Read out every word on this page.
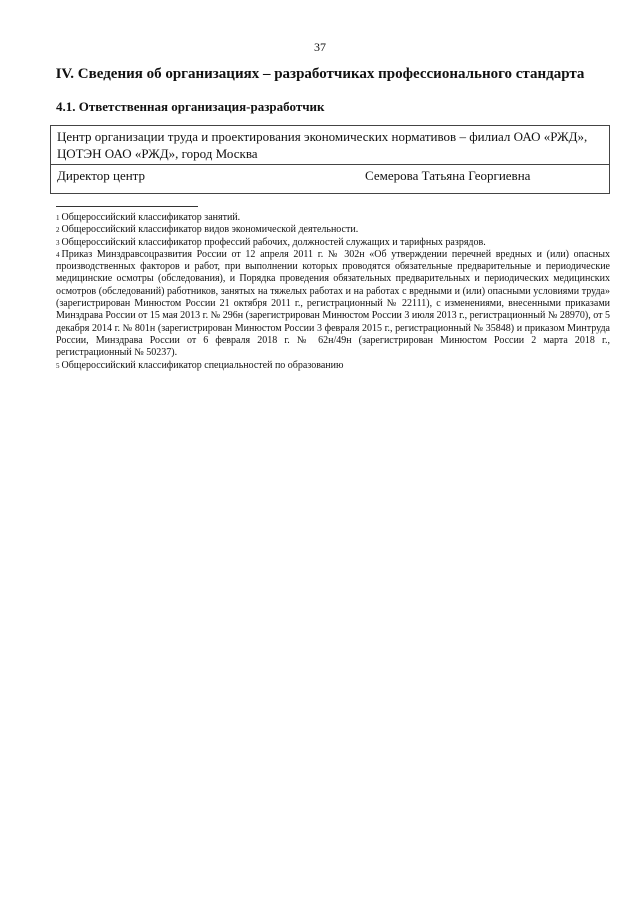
37
IV. Сведения об организациях – разработчиках профессионального стандарта
4.1. Ответственная организация-разработчик
Центр организации труда и проектирования экономических нормативов – филиал ОАО «РЖД»,
ЦОТЭН ОАО «РЖД», город Москва

Директор центр	Семерова Татьяна Георгиевна

$^1$ Общероссийский классификатор занятий.

$^2$ Общероссийский классификатор видов экономической деятельности.

$^3$ Общероссийский классификатор профессий рабочих, должностей служащих и тарифных разрядов.

$^4$ Приказ Минздравсоцразвития России от 12 апреля 2011 г. № 302н «Об утверждении перечней вредных и (или) опасных производственных факторов и работ, при выполнении которых проводятся обязательные предварительные и периодические медицинские осмотры (обследования), и Порядка проведения обязательных предварительных и периодических медицинских осмотров (обследований) работников, занятых на тяжелых работах и на работах с вредными и (или) опасными условиями труда» (зарегистрирован Минюстом России 21 октября 2011 г., регистрационный № 22111), с изменениями, внесенными приказами Минздрава России от 15 мая 2013 г. № 296н (зарегистрирован Минюстом России 3 июля 2013 г., регистрационный № 28970), от 5 декабря 2014 г. № 801н (зарегистрирован Минюстом России 3 февраля 2015 г., регистрационный № 35848) и приказом Минтруда России, Минздрава России от 6 февраля 2018 г. № 62н/49н (зарегистрирован Минюстом России 2 марта 2018 г., регистрационный № 50237).

$^5$ Общероссийский классификатор специальностей по образованию
